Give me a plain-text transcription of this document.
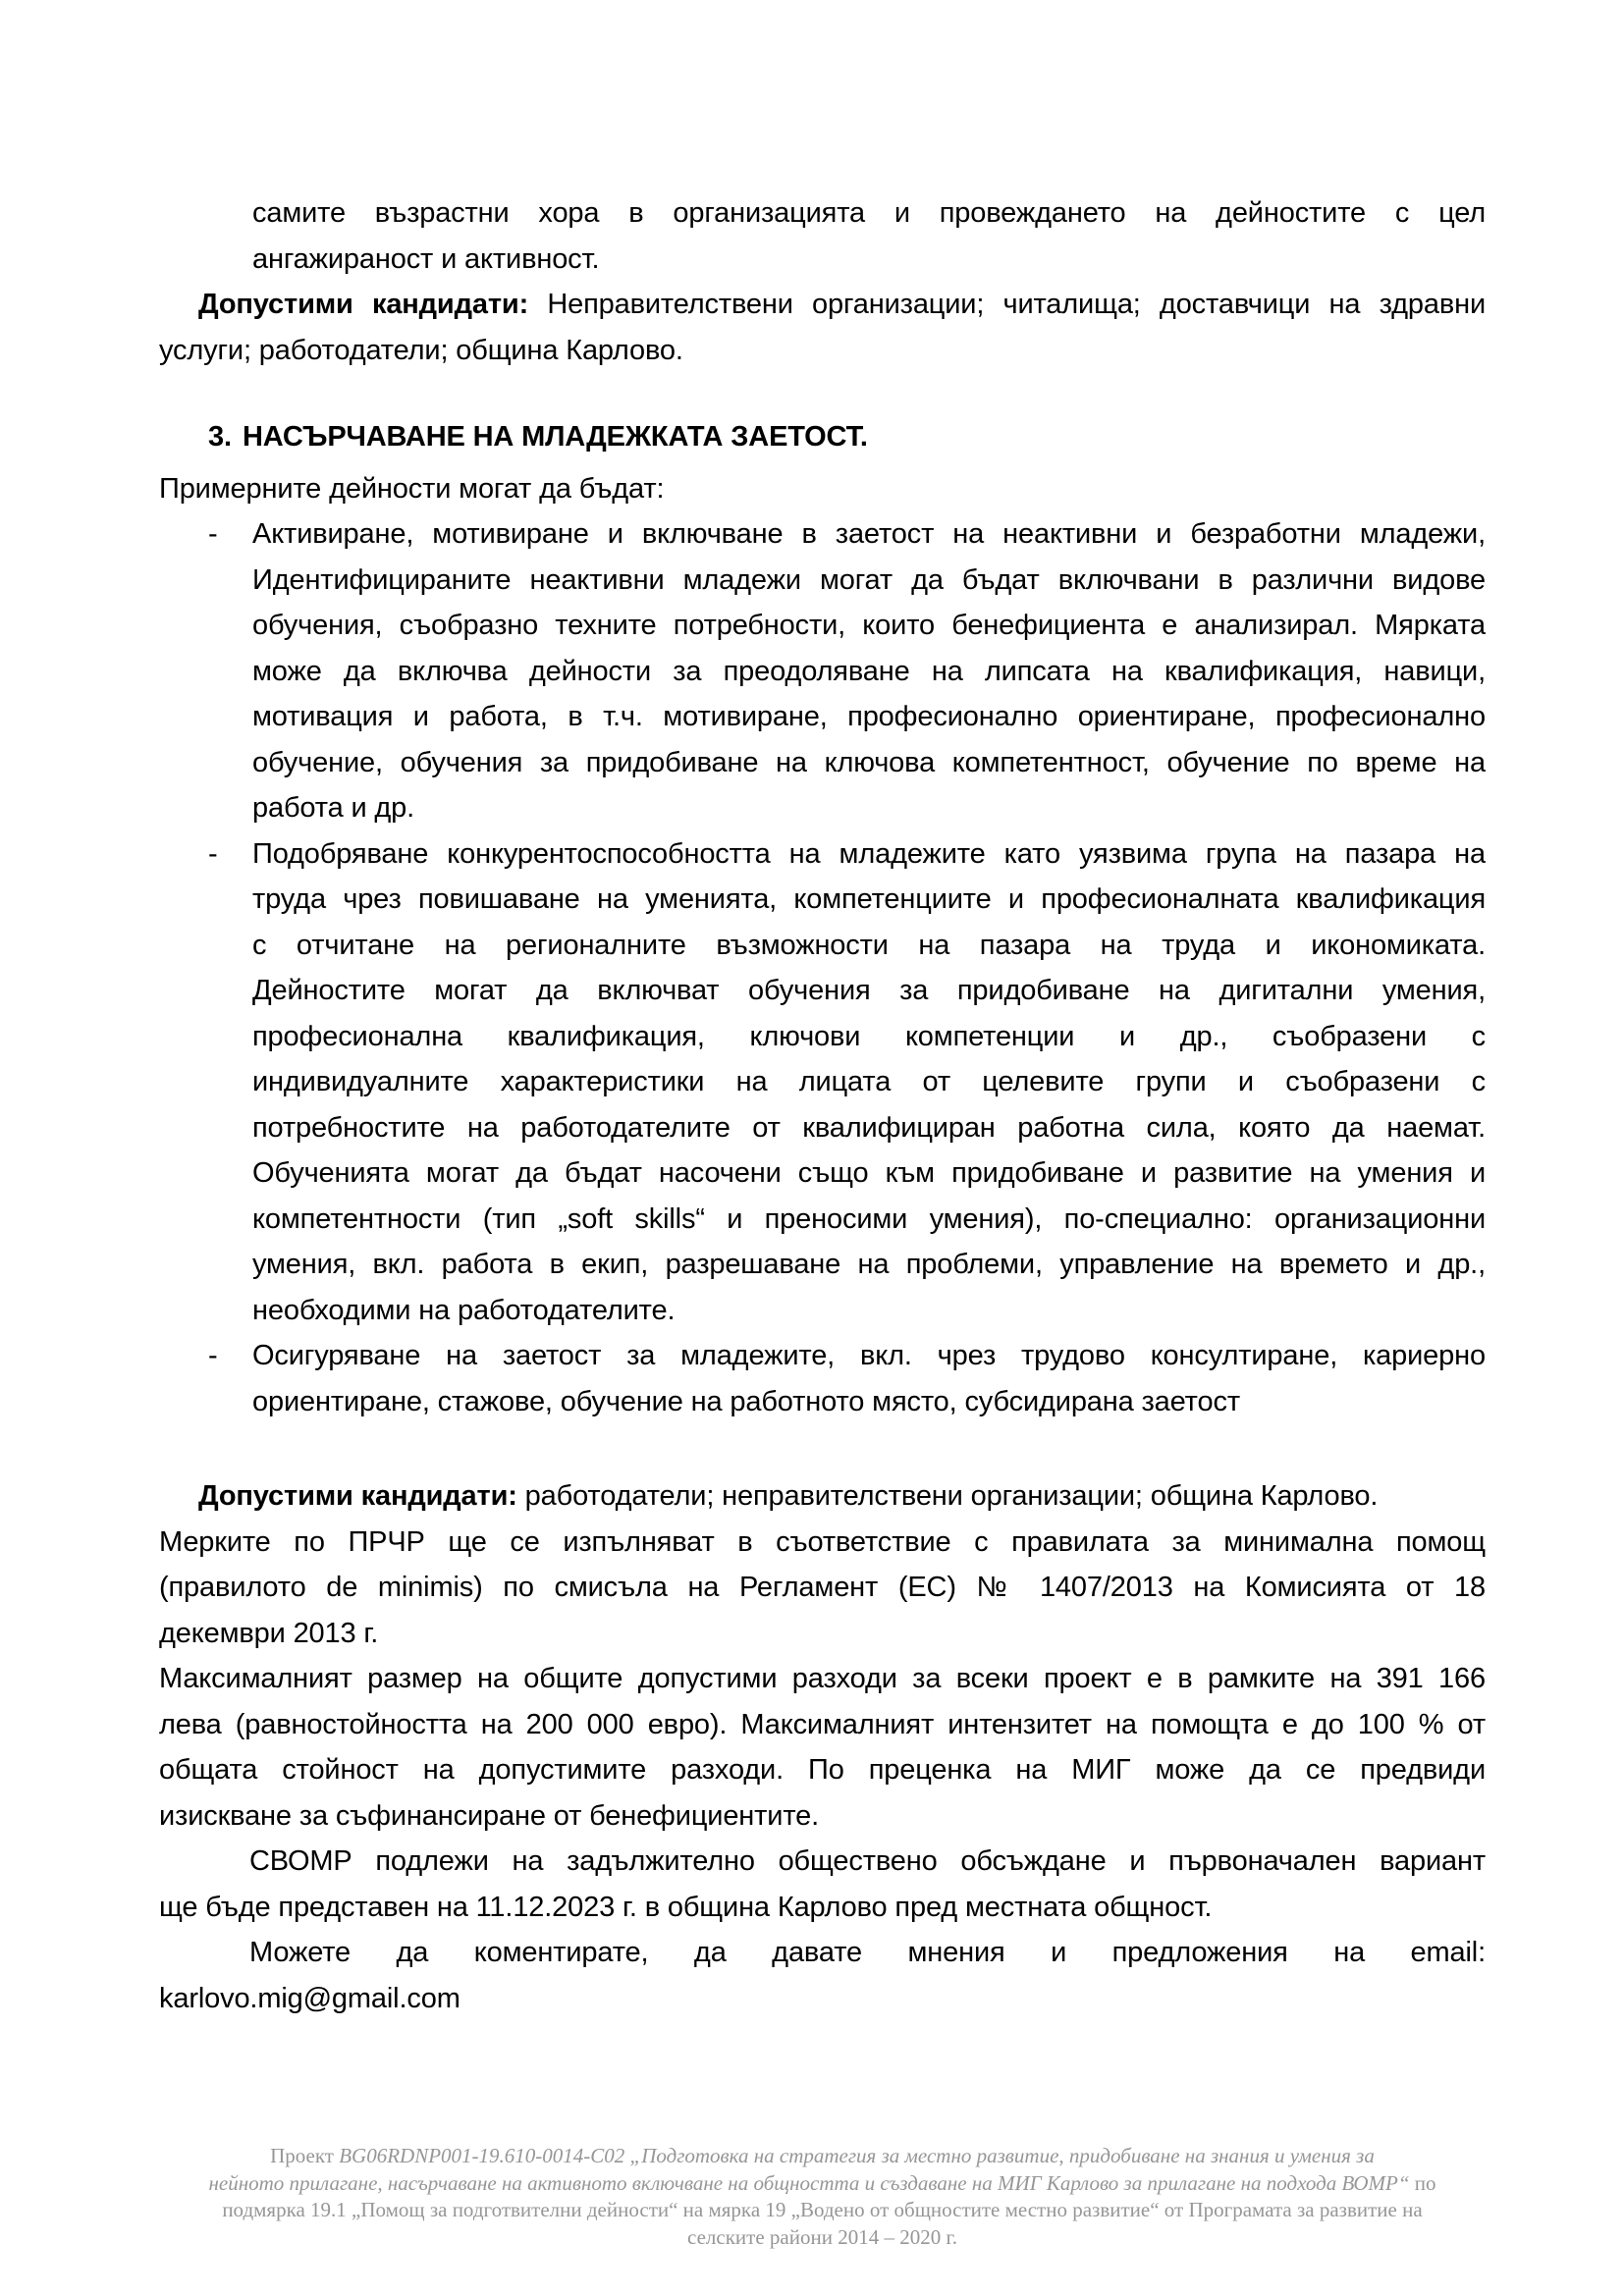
самите възрастни хора в организацията и провеждането на дейностите с цел
ангажираност и активност.
Допустими кандидати: Неправителствени организации; читалища; доставчици на здравни
услуги; работодатели; община Карлово.
3. НАСЪРЧАВАНЕ НА МЛАДЕЖКАТА ЗАЕТОСТ.
Примерните дейности могат да бъдат:
-	Активиране, мотивиране и включване в заетост на неактивни и безработни младежи,
Идентифицираните неактивни младежи могат да бъдат включвани в различни видове
обучения, съобразно техните потребности, които бенефициента е анализирал. Мярката
може да включва дейности за преодоляване на липсата на квалификация, навици,
мотивация и работа, в т.ч. мотивиране, професионално ориентиране, професионално
обучение, обучения за придобиване на ключова компетентност, обучение по време на
работа и др.
-	Подобряване конкурентоспособността на младежите като уязвима група на пазара на
труда чрез повишаване на уменията, компетенциите и професионалната квалификация
с отчитане на регионалните възможности на пазара на труда и икономиката.
Дейностите могат да включват обучения за придобиване на дигитални умения,
професионална квалификация, ключови компетенции и др., съобразени с
индивидуалните характеристики на лицата от целевите групи и съобразени с
потребностите на работодателите от квалифициран работна сила, която да наемат.
Обученията могат да бъдат насочени също към придобиване и развитие на умения и
компетентности (тип „soft skills“ и преносими умения), по-специално: организационни
умения, вкл. работа в екип, разрешаване на проблеми, управление на времето и др.,
необходими на работодателите.
-	Осигуряване на заетост за младежите, вкл. чрез трудово консултиране, кариерно
ориентиране, стажове, обучение на работното място, субсидирана заетост
Допустими кандидати: работодатели; неправителствени организации; община Карлово.
Мерките по ПРЧР ще се изпълняват в съответствие с правилата за минимална помощ
(правилото de minimis) по смисъла на Регламент (ЕС) № 1407/2013 на Комисията от 18
декември 2013 г.
Максималният размер на общите допустими разходи за всеки проект е в рамките на 391 166
лева (равностойността на 200 000 евро). Максималният интензитет на помощта е до 100 % от
общата стойност на допустимите разходи. По преценка на МИГ може да се предвиди
изискване за съфинансиране от бенефициентите.
СВОМР подлежи на задължително обществено обсъждане и първоначален вариант
ще бъде представен на 11.12.2023 г. в община Карлово пред местната общност.
Можете да коментирате, да давате мнения и предложения на email:
karlovo.mig@gmail.com
Проект BG06RDNP001-19.610-0014-C02 „Подготовка на стратегия за местно развитие, придобиване на знания и умения за
нейното прилагане, насърчаване на активното включване на общността и създаване на МИГ Карлово за прилагане на подхода ВОМР“ по
подмярка 19.1 „Помощ за подготвителни дейности“ на мярка 19 „Водено от общностите местно развитие“ от Програмата за развитие на
селските райони 2014 – 2020 г.
